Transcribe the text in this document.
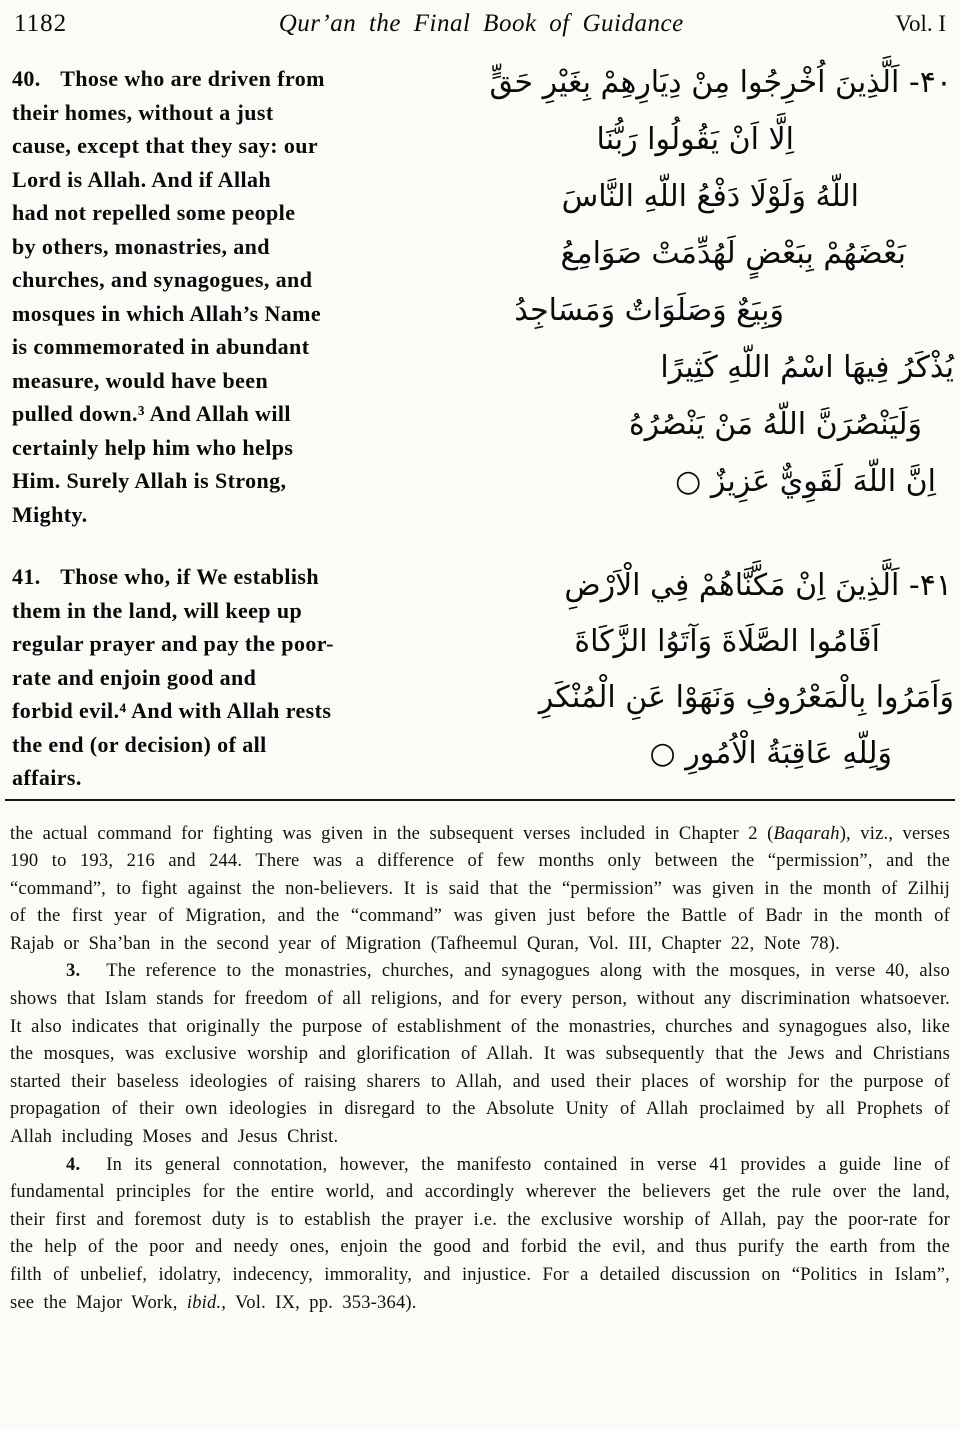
1182	Qur’an the Final Book of Guidance	Vol. I
40. Those who are driven from
their homes, without a just
cause, except that they say: our
Lord is Allah. And if Allah
had not repelled some people
by others, monastries, and
churches, and synagogues, and
mosques in which Allah’s Name
is commemorated in abundant
measure, would have been
pulled down.³ And Allah will
certainly help him who helps
Him. Surely Allah is Strong,
Mighty.
41. Those who, if We establish
them in the land, will keep up
regular prayer and pay the poor-
rate and enjoin good and
forbid evil.⁴ And with Allah rests
the end (or decision) of all
affairs.
۴۰- اَلَّذِينَ اُخْرِجُوا مِنْ دِيَارِهِمْ بِغَيْرِ حَقٍّ
اِلَّا اَنْ يَقُولُوا رَبُّنَا
اللّهُ وَلَوْلَا دَفْعُ اللّهِ النَّاسَ
بَعْضَهُمْ بِبَعْضٍ لَهُدِّمَتْ صَوَامِعُ
وَبِيَعٌ وَصَلَوَاتٌ وَمَسَاجِدُ
يُذْكَرُ فِيهَا اسْمُ اللّهِ كَثِيرًا
وَلَيَنْصُرَنَّ اللّهُ مَنْ يَنْصُرُهُ
اِنَّ اللّهَ لَقَوِيٌّ عَزِيزٌ ○
۴۱- اَلَّذِينَ اِنْ مَكَّنَّاهُمْ فِي الْاَرْضِ
اَقَامُوا الصَّلَاةَ وَآتَوُا الزَّكَاةَ
وَاَمَرُوا بِالْمَعْرُوفِ وَنَهَوْا عَنِ الْمُنْكَرِ
وَلِلّهِ عَاقِبَةُ الْاُمُورِ ○

the actual command for fighting was given in the subsequent verses included in Chapter 2 (Baqarah), viz., verses 190 to 193, 216 and 244. There was a difference of few months only between the “permission”, and the “command”, to fight against the non-believers. It is said that the “permission” was given in the month of Zilhij of the first year of Migration, and the “command” was given just before the Battle of Badr in the month of Rajab or Sha’ban in the second year of Migration (Tafheemul Quran, Vol. III, Chapter 22, Note 78).

3. The reference to the monastries, churches, and synagogues along with the mosques, in verse 40, also shows that Islam stands for freedom of all religions, and for every person, without any discrimination whatsoever. It also indicates that originally the purpose of establishment of the monastries, churches and synagogues also, like the mosques, was exclusive worship and glorification of Allah. It was subsequently that the Jews and Christians started their baseless ideologies of raising sharers to Allah, and used their places of worship for the purpose of propagation of their own ideologies in disregard to the Absolute Unity of Allah proclaimed by all Prophets of Allah including Moses and Jesus Christ.

4. In its general connotation, however, the manifesto contained in verse 41 provides a guide line of fundamental principles for the entire world, and accordingly wherever the believers get the rule over the land, their first and foremost duty is to establish the prayer i.e. the exclusive worship of Allah, pay the poor-rate for the help of the poor and needy ones, enjoin the good and forbid the evil, and thus purify the earth from the filth of unbelief, idolatry, indecency, immorality, and injustice. For a detailed discussion on “Politics in Islam”, see the Major Work, ibid., Vol. IX, pp. 353-364).
